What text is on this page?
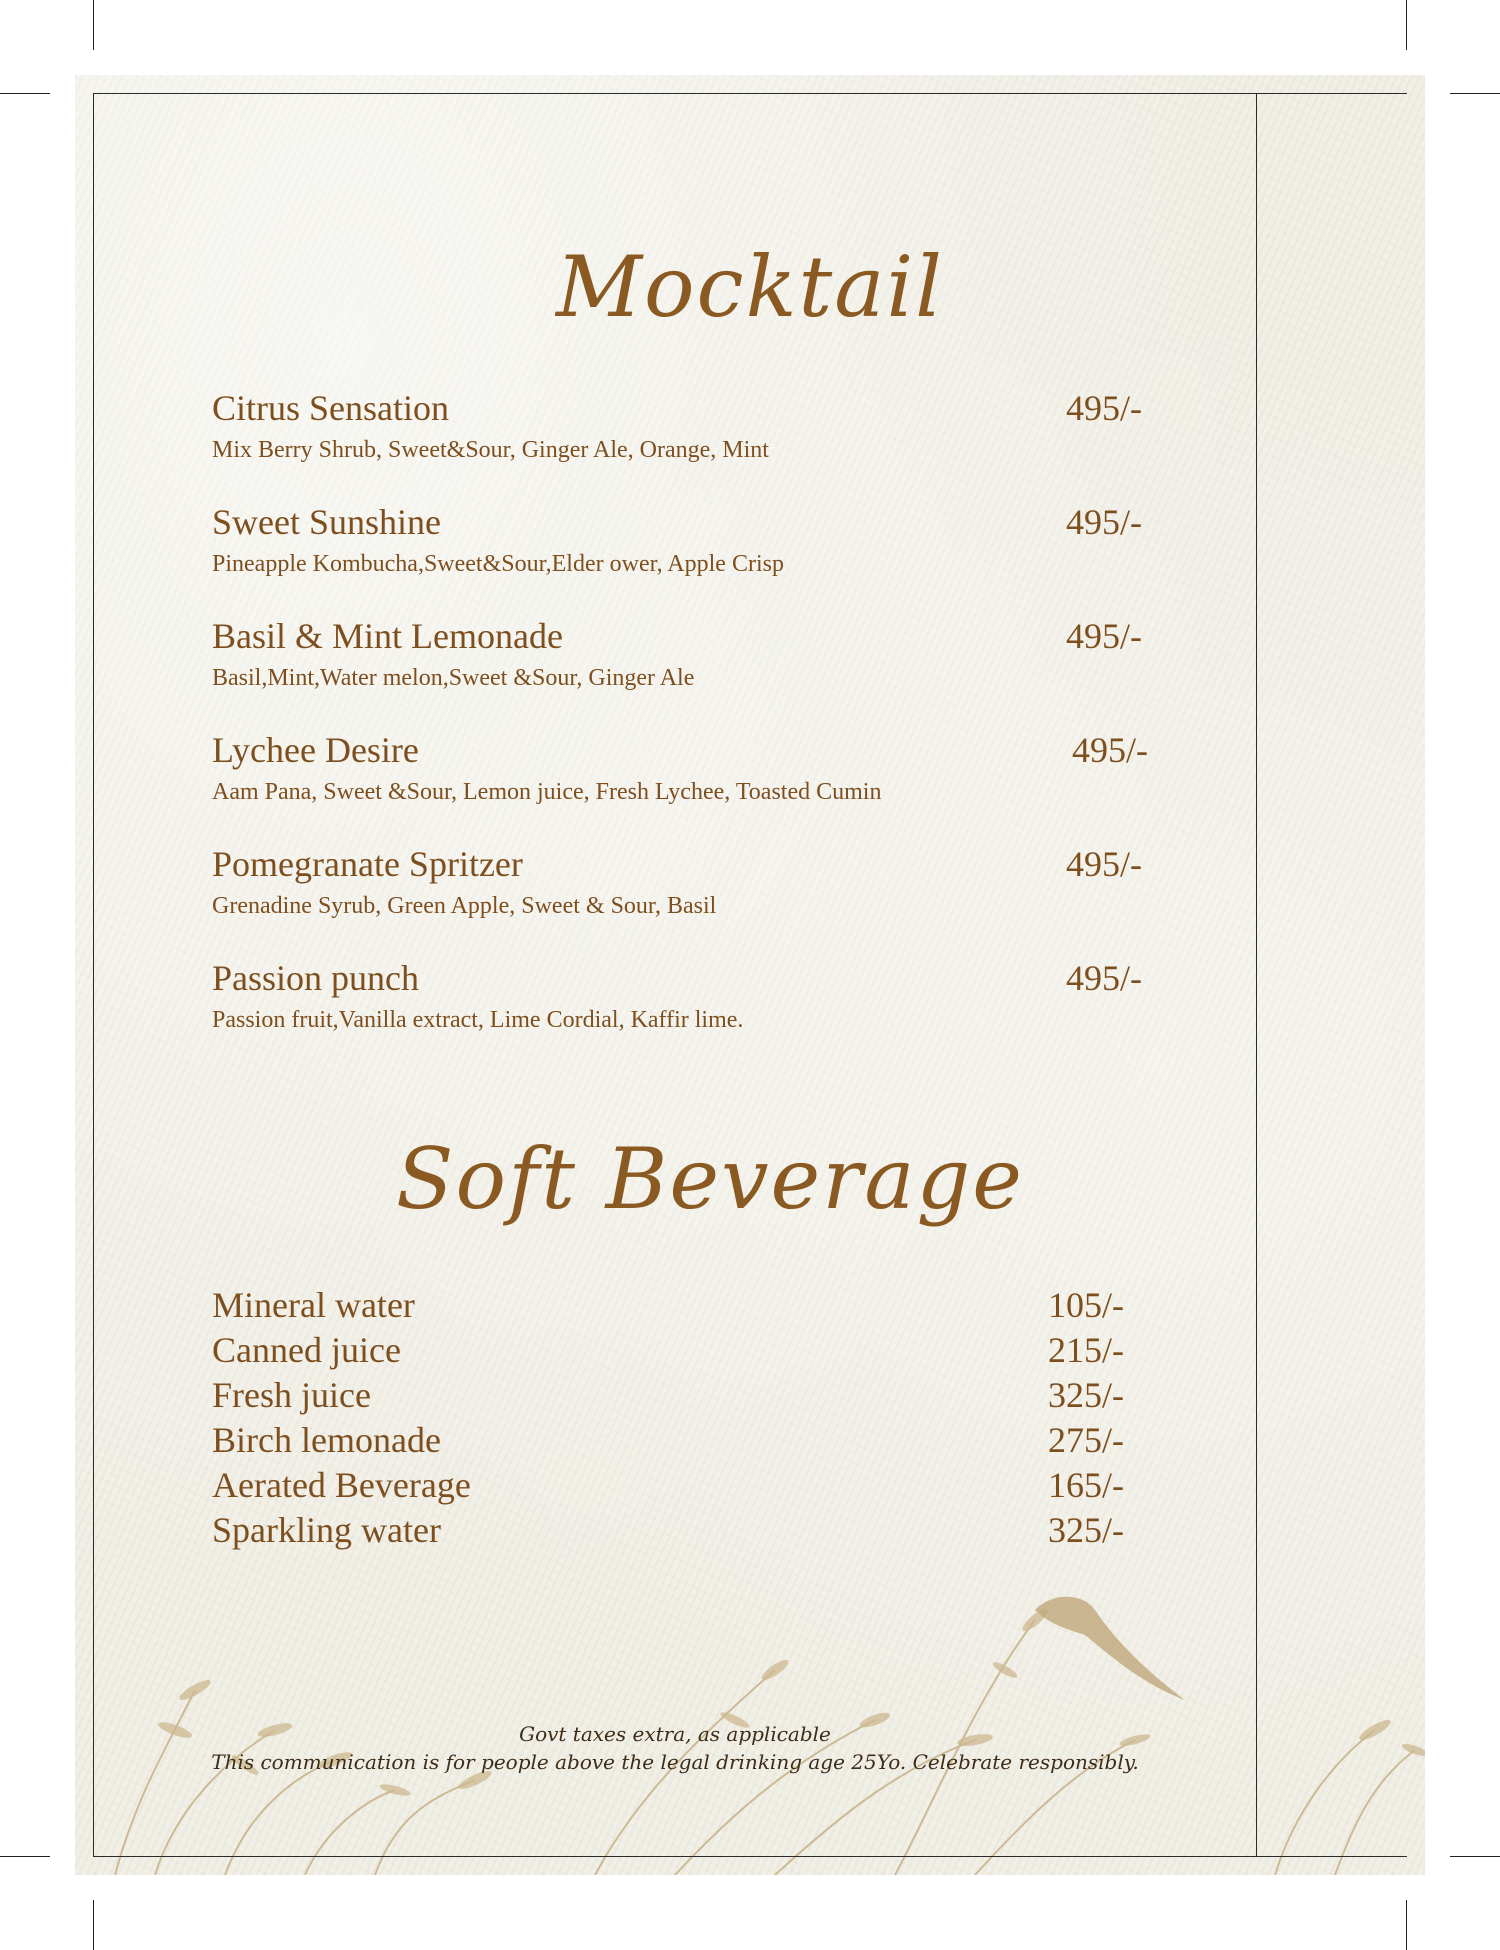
Mocktail
Citrus Sensation	495/-
Mix Berry Shrub, Sweet&Sour, Ginger Ale, Orange, Mint
Sweet Sunshine	495/-
Pineapple Kombucha,Sweet&Sour,Elder ower, Apple Crisp
Basil & Mint Lemonade	495/-
Basil,Mint,Water melon,Sweet &Sour, Ginger Ale
Lychee Desire	495/-
Aam Pana, Sweet &Sour, Lemon juice, Fresh Lychee, Toasted Cumin
Pomegranate Spritzer	495/-
Grenadine Syrub, Green Apple, Sweet & Sour, Basil
Passion punch	495/-
Passion fruit,Vanilla extract, Lime Cordial, Kaffir lime.
Soft Beverage
Mineral water	105/-
Canned juice	215/-
Fresh juice	325/-
Birch lemonade	275/-
Aerated Beverage	165/-
Sparkling water	325/-
Govt taxes extra, as applicable
This communication is for people above the legal drinking age 25Yo. Celebrate responsibly.
